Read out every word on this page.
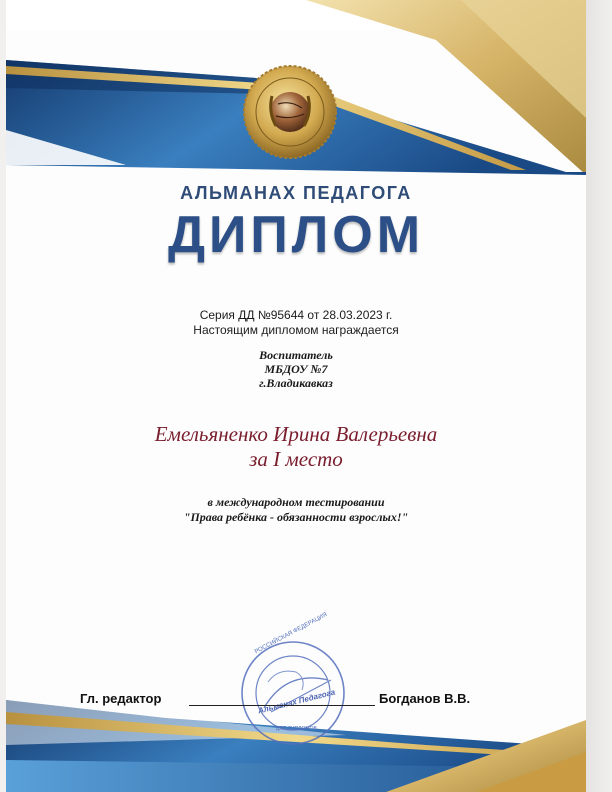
РОССИЙСКАЯ ФЕДЕРАЦИЯ
Альманах Педагога
ДЛЯ ДИПЛОМОВ

АЛЬМАНАХ ПЕДАГОГА

ДИПЛОМ

Серия ДД №95644 от 28.03.2023 г.

Настоящим дипломом награждается

Воспитатель

МБДОУ №7

г.Владикавказ

Емельяненко Ирина Валерьевна

за I место

в международном тестировании

"Права ребёнка - обязанности взрослых!"

Гл. редактор	Богданов В.В.
